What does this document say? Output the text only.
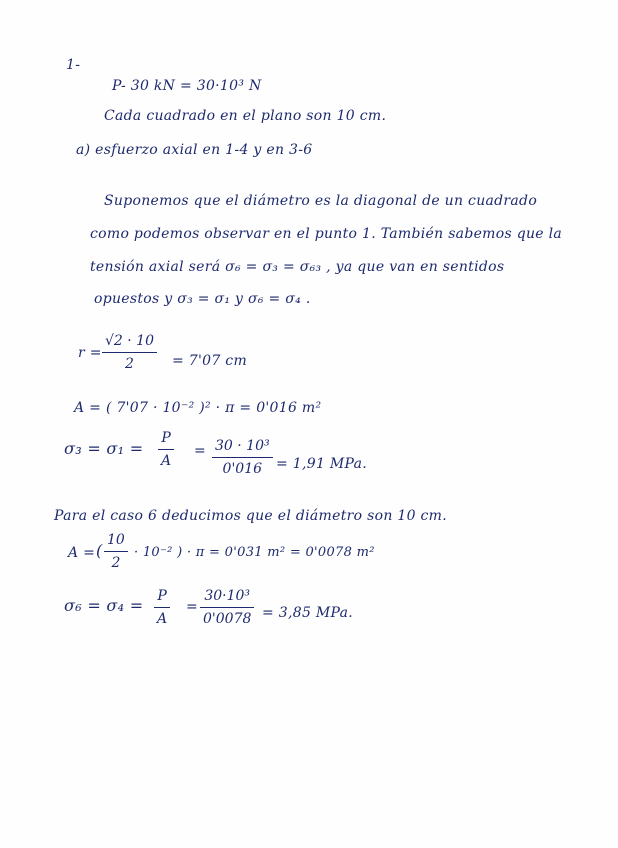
1-
P- 30 kN = 30·10³ N
Cada cuadrado en el plano son 10 cm.
a) esfuerzo axial en 1-4 y en 3-6
Suponemos que el diámetro es la diagonal de un cuadrado
como podemos observar en el punto 1. También sabemos que la
tensión axial será σ₆ = σ₃ = σ₆₃ , ya que van en sentidos
opuestos y σ₃ = σ₁ y σ₆ = σ₄ .
r =
√2 · 10
2	= 7'07 cm
A = ( 7'07 · 10⁻² )² · π = 0'016 m²
σ₃ = σ₁ =
P
A
= 30 · 10³
0'016 = 1,91 MPa.
Para el caso 6 deducimos que el diámetro son 10 cm.
A = (
10
2
· 10⁻² ) · π = 0'031 m² = 0'0078 m²
σ₆ = σ₄ = P
A
=
30·10³
0'0078 = 3,85 MPa.
